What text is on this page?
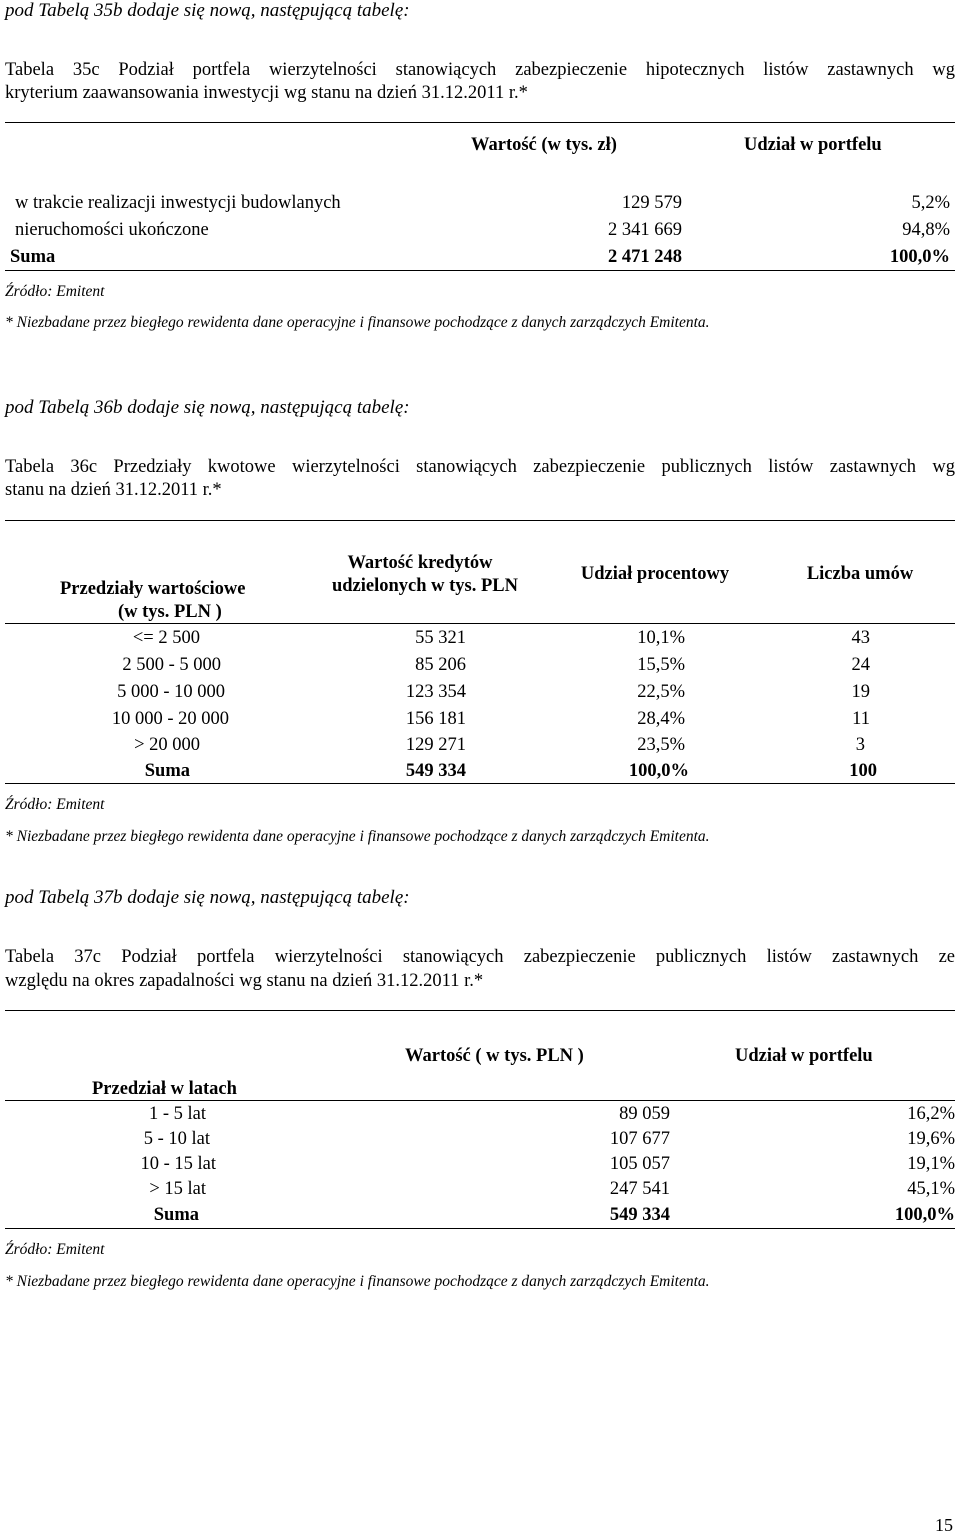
pod Tabelą 35b dodaje się nową, następującą tabelę:
Tabela 35c Podział portfela wierzytelności stanowiących zabezpieczenie hipotecznych listów zastawnych wg
kryterium zaawansowania inwestycji wg stanu na dzień 31.12.2011 r.*
Wartość (w tys. zł)	Udział w portfelu
w trakcie realizacji inwestycji budowlanych	129 579	5,2%
nieruchomości ukończone	2 341 669	94,8%
Suma	2 471 248	100,0%
Źródło: Emitent
* Niezbadane przez biegłego rewidenta dane operacyjne i finansowe pochodzące z danych zarządczych Emitenta.
pod Tabelą 36b dodaje się nową, następującą tabelę:
Tabela 36c Przedziały kwotowe wierzytelności stanowiących zabezpieczenie publicznych listów zastawnych wg
stanu na dzień 31.12.2011 r.*
Wartość kredytów
udzielonych w tys. PLN
Udział procentowy	Liczba umów
Przedziały wartościowe
(w tys. PLN )
<= 2 500	55 321	10,1%	43
2 500 - 5 000	85 206	15,5%	24
5 000 - 10 000	123 354	22,5%	19
10 000 - 20 000	156 181	28,4%	11
> 20 000	129 271	23,5%	3
Suma	549 334	100,0%	100
Źródło: Emitent
* Niezbadane przez biegłego rewidenta dane operacyjne i finansowe pochodzące z danych zarządczych Emitenta.
pod Tabelą 37b dodaje się nową, następującą tabelę:
Tabela 37c Podział portfela wierzytelności stanowiących zabezpieczenie publicznych listów zastawnych ze
względu na okres zapadalności wg stanu na dzień 31.12.2011 r.*
Wartość ( w tys. PLN )	Udział w portfelu
Przedział w latach
1 - 5 lat	89 059	16,2%
5 - 10 lat	107 677	19,6%
10 - 15 lat	105 057	19,1%
> 15 lat	247 541	45,1%
Suma	549 334	100,0%
Źródło: Emitent
* Niezbadane przez biegłego rewidenta dane operacyjne i finansowe pochodzące z danych zarządczych Emitenta.
15
